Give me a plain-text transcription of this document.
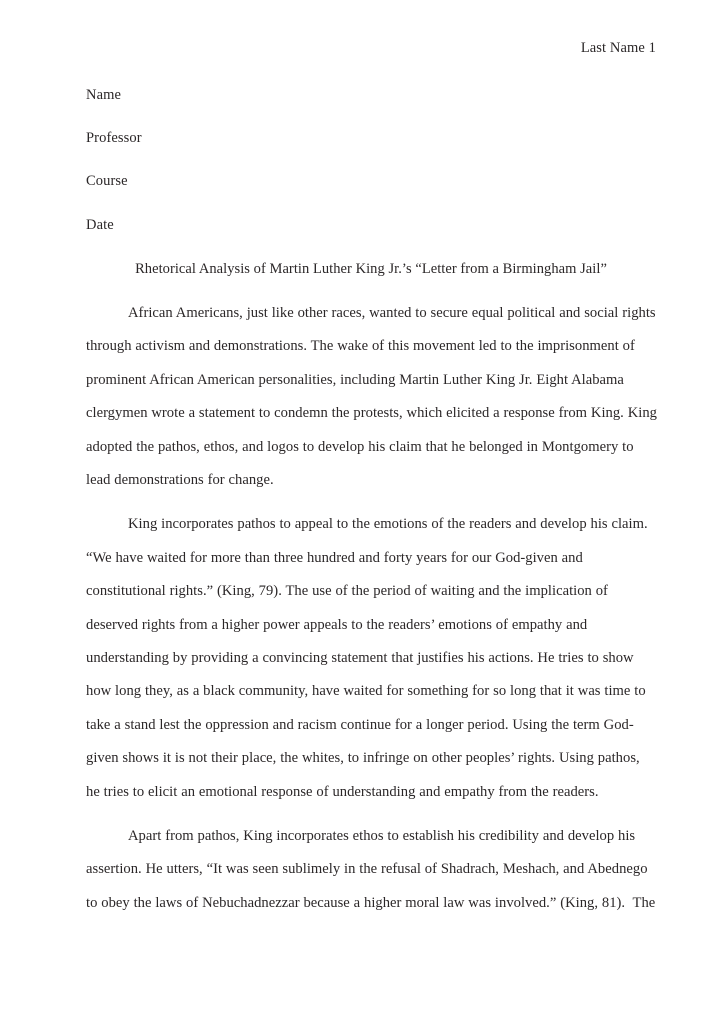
Last Name 1
Name
Professor
Course
Date
Rhetorical Analysis of Martin Luther King Jr.’s “Letter from a Birmingham Jail”

African Americans, just like other races, wanted to secure equal political and social rights through activism and demonstrations. The wake of this movement led to the imprisonment of prominent African American personalities, including Martin Luther King Jr. Eight Alabama clergymen wrote a statement to condemn the protests, which elicited a response from King. King adopted the pathos, ethos, and logos to develop his claim that he belonged in Montgomery to lead demonstrations for change.

King incorporates pathos to appeal to the emotions of the readers and develop his claim. “We have waited for more than three hundred and forty years for our God-given and constitutional rights.” (King, 79). The use of the period of waiting and the implication of deserved rights from a higher power appeals to the readers’ emotions of empathy and understanding by providing a convincing statement that justifies his actions. He tries to show how long they, as a black community, have waited for something for so long that it was time to take a stand lest the oppression and racism continue for a longer period. Using the term God-given shows it is not their place, the whites, to infringe on other peoples’ rights. Using pathos, he tries to elicit an emotional response of understanding and empathy from the readers.

Apart from pathos, King incorporates ethos to establish his credibility and develop his assertion. He utters, “It was seen sublimely in the refusal of Shadrach, Meshach, and Abednego to obey the laws of Nebuchadnezzar because a higher moral law was involved.” (King, 81).  The
